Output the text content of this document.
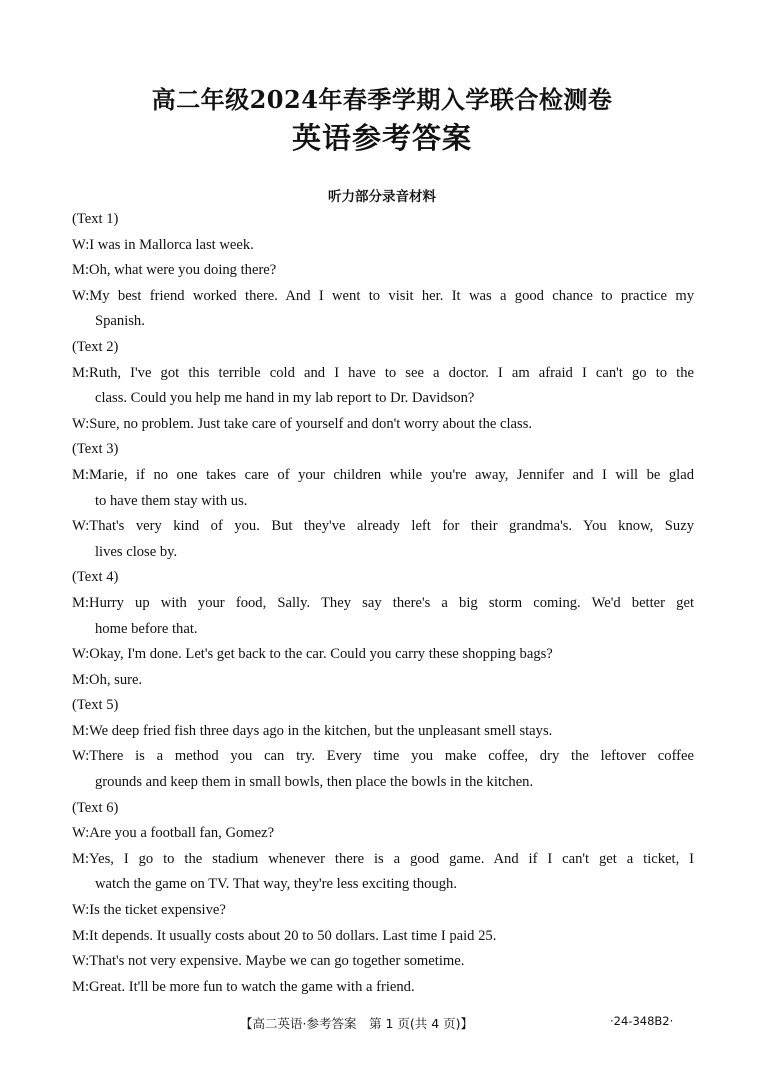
高二年级2024年春季学期入学联合检测卷
英语参考答案
听力部分录音材料
(Text 1)
W:I was in Mallorca last week.
M:Oh, what were you doing there?
W:My best friend worked there. And I went to visit her. It was a good chance to practice my
Spanish.
(Text 2)
M:Ruth, I've got this terrible cold and I have to see a doctor. I am afraid I can't go to the
class. Could you help me hand in my lab report to Dr. Davidson?
W:Sure, no problem. Just take care of yourself and don't worry about the class.
(Text 3)
M:Marie, if no one takes care of your children while you're away, Jennifer and I will be glad
to have them stay with us.
W:That's very kind of you. But they've already left for their grandma's. You know, Suzy
lives close by.
(Text 4)
M:Hurry up with your food, Sally. They say there's a big storm coming. We'd better get
home before that.
W:Okay, I'm done. Let's get back to the car. Could you carry these shopping bags?
M:Oh, sure.
(Text 5)
M:We deep fried fish three days ago in the kitchen, but the unpleasant smell stays.
W:There is a method you can try. Every time you make coffee, dry the leftover coffee
grounds and keep them in small bowls, then place the bowls in the kitchen.
(Text 6)
W:Are you a football fan, Gomez?
M:Yes, I go to the stadium whenever there is a good game. And if I can't get a ticket, I
watch the game on TV. That way, they're less exciting though.
W:Is the ticket expensive?
M:It depends. It usually costs about 20 to 50 dollars. Last time I paid 25.
W:That's not very expensive. Maybe we can go together sometime.
M:Great. It'll be more fun to watch the game with a friend.
【高二英语·参考答案　第 1 页(共 4 页)】	·24-348B2·
